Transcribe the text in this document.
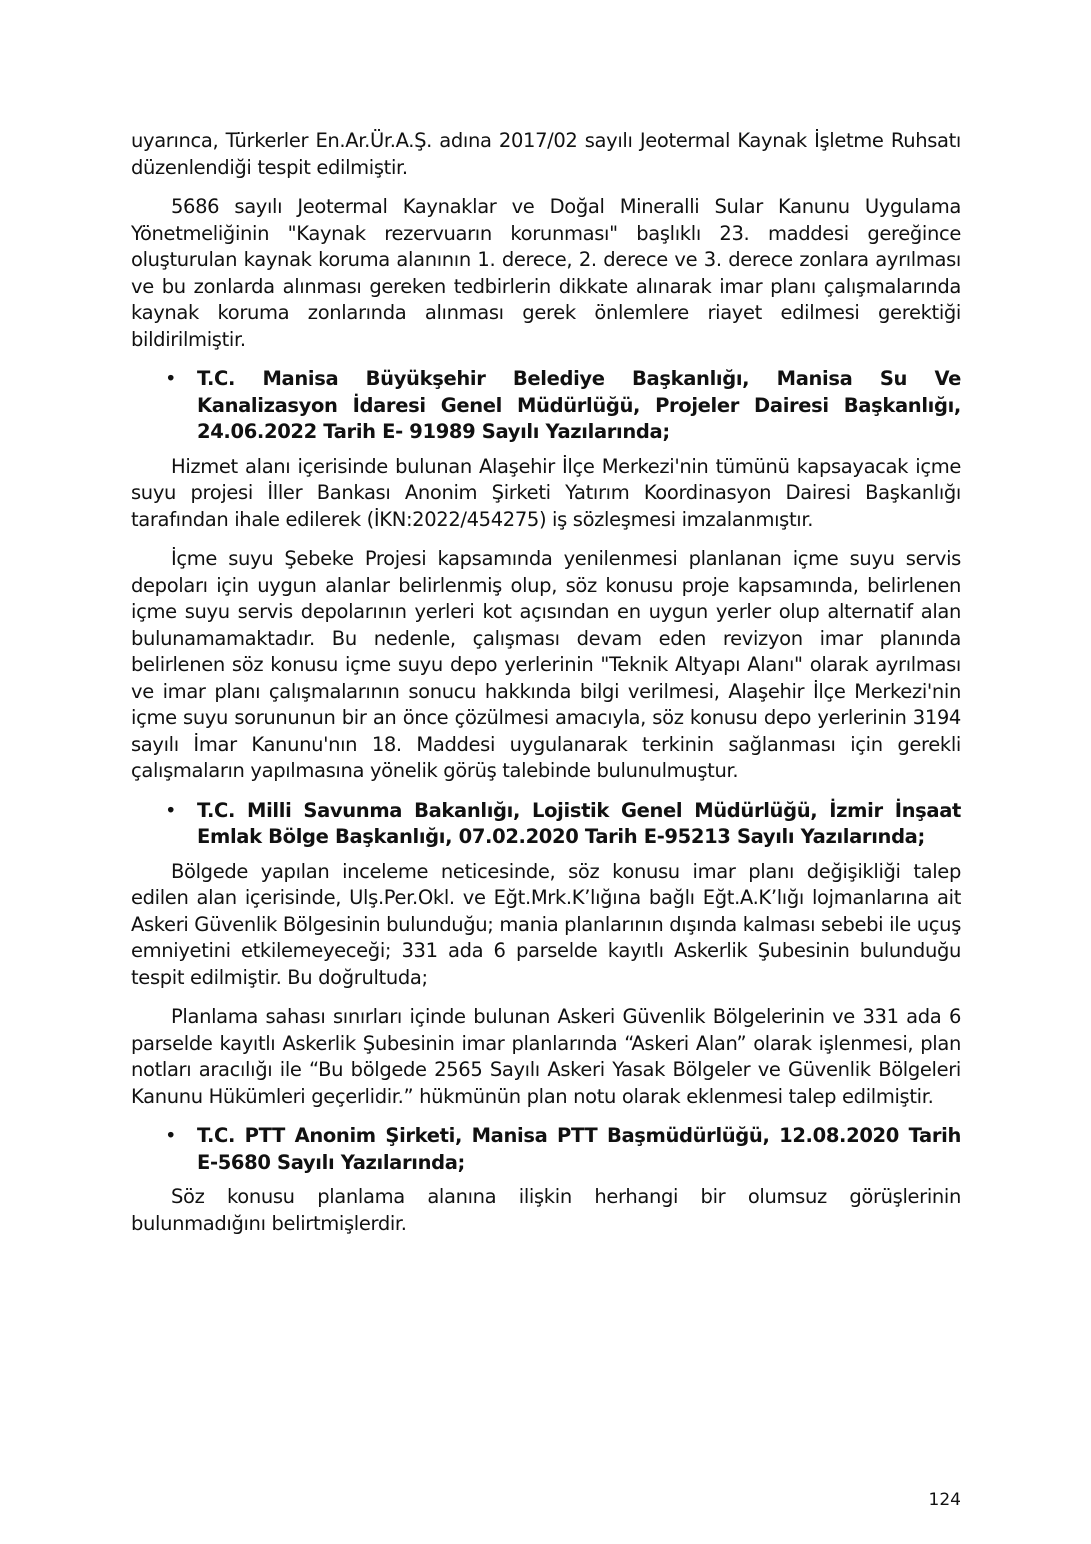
uyarınca, Türkerler En.Ar.Ür.A.Ş. adına 2017/02 sayılı Jeotermal Kaynak İşletme Ruhsatı düzenlendiği tespit edilmiştir.

5686 sayılı Jeotermal Kaynaklar ve Doğal Mineralli Sular Kanunu Uygulama Yönetmeliğinin "Kaynak rezervuarın korunması" başlıklı 23. maddesi gereğince oluşturulan kaynak koruma alanının 1. derece, 2. derece ve 3. derece zonlara ayrılması ve bu zonlarda alınması gereken tedbirlerin dikkate alınarak imar planı çalışmalarında kaynak koruma zonlarında alınması gerek önlemlere riayet edilmesi gerektiği bildirilmiştir.

• T.C. Manisa Büyükşehir Belediye Başkanlığı, Manisa Su Ve Kanalizasyon İdaresi Genel Müdürlüğü, Projeler Dairesi Başkanlığı, 24.06.2022 Tarih E- 91989 Sayılı Yazılarında;

Hizmet alanı içerisinde bulunan Alaşehir İlçe Merkezi'nin tümünü kapsayacak içme suyu projesi İller Bankası Anonim Şirketi Yatırım Koordinasyon Dairesi Başkanlığı tarafından ihale edilerek (İKN:2022/454275) iş sözleşmesi imzalanmıştır.

İçme suyu Şebeke Projesi kapsamında yenilenmesi planlanan içme suyu servis depoları için uygun alanlar belirlenmiş olup, söz konusu proje kapsamında, belirlenen içme suyu servis depolarının yerleri kot açısından en uygun yerler olup alternatif alan bulunamamaktadır. Bu nedenle, çalışması devam eden revizyon imar planında belirlenen söz konusu içme suyu depo yerlerinin "Teknik Altyapı Alanı" olarak ayrılması ve imar planı çalışmalarının sonucu hakkında bilgi verilmesi, Alaşehir İlçe Merkezi'nin içme suyu sorununun bir an önce çözülmesi amacıyla, söz konusu depo yerlerinin 3194 sayılı İmar Kanunu'nın 18. Maddesi uygulanarak terkinin sağlanması için gerekli çalışmaların yapılmasına yönelik görüş talebinde bulunulmuştur.

• T.C. Milli Savunma Bakanlığı, Lojistik Genel Müdürlüğü, İzmir İnşaat Emlak Bölge Başkanlığı, 07.02.2020 Tarih E-95213 Sayılı Yazılarında;

Bölgede yapılan inceleme neticesinde, söz konusu imar planı değişikliği talep edilen alan içerisinde, Ulş.Per.Okl. ve Eğt.Mrk.K’lığına bağlı Eğt.A.K’lığı lojmanlarına ait Askeri Güvenlik Bölgesinin bulunduğu; mania planlarının dışında kalması sebebi ile uçuş emniyetini etkilemeyeceği; 331 ada 6 parselde kayıtlı Askerlik Şubesinin bulunduğu tespit edilmiştir. Bu doğrultuda;

Planlama sahası sınırları içinde bulunan Askeri Güvenlik Bölgelerinin ve 331 ada 6 parselde kayıtlı Askerlik Şubesinin imar planlarında “Askeri Alan” olarak işlenmesi, plan notları aracılığı ile “Bu bölgede 2565 Sayılı Askeri Yasak Bölgeler ve Güvenlik Bölgeleri Kanunu Hükümleri geçerlidir.” hükmünün plan notu olarak eklenmesi talep edilmiştir.

• T.C. PTT Anonim Şirketi, Manisa PTT Başmüdürlüğü, 12.08.2020 Tarih E-5680 Sayılı Yazılarında;

Söz konusu planlama alanına ilişkin herhangi bir olumsuz görüşlerinin bulunmadığını belirtmişlerdir.

124
